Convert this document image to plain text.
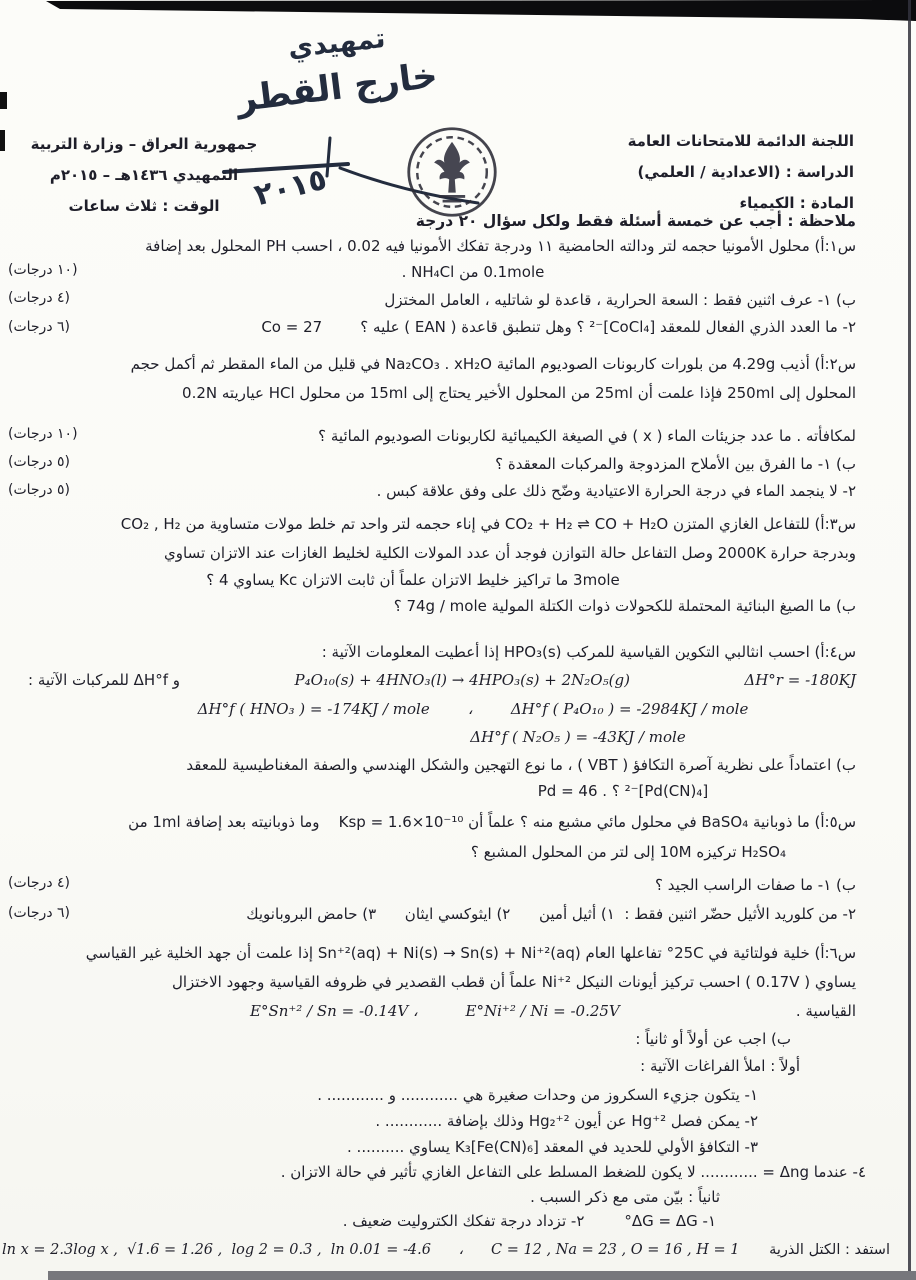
تمهيدي
خارج القطر
٢٠١٥
اللجنة الدائمة للامتحانات العامة
الدراسة : (الاعدادية / العلمي)
المادة : الكيمياء
جمهورية العراق – وزارة التربية
التمهيدي ١٤٣٦هـ – ٢٠١٥م
الوقت : ثلاث ساعات
ملاحظة : أجب عن خمسة أسئلة فقط ولكل سؤال ٢٠ درجة
س١:أ) محلول الأمونيا حجمه لتر ودالته الحامضية ١١ ودرجة تفكك الأمونيا فيه 0.02 ، احسب PH المحلول بعد إضافة
0.1mole من NH₄Cl .
ب) ١- عرف اثنين فقط : السعة الحرارية ، قاعدة لو شاتليه ، العامل المختزل
٢- ما العدد الذري الفعال للمعقد [CoCl₄]⁻² ؟ وهل تنطبق قاعدة ( EAN ) عليه ؟        Co = 27
(١٠ درجات)
(٤ درجات)
(٦ درجات)
س٢:أ) أذيب 4.29g من بلورات كاربونات الصوديوم المائية Na₂CO₃ . xH₂O في قليل من الماء المقطر ثم أكمل حجم
المحلول إلى 250ml فإذا علمت أن 25ml من المحلول الأخير يحتاج إلى 15ml من محلول HCl عياريته 0.2N
لمكافأته . ما عدد جزيئات الماء ( x ) في الصيغة الكيميائية لكاربونات الصوديوم المائية ؟
ب) ١- ما الفرق بين الأملاح المزدوجة والمركبات المعقدة ؟
٢- لا ينجمد الماء في درجة الحرارة الاعتيادية وضّح ذلك على وفق علاقة كبس .
(١٠ درجات)
(٥ درجات)
(٥ درجات)
س٣:أ) للتفاعل الغازي المتزن CO₂ + H₂ ⇌ CO + H₂O في إناء حجمه لتر واحد تم خلط مولات متساوية من CO₂ , H₂
وبدرجة حرارة 2000K وصل التفاعل حالة التوازن فوجد أن عدد المولات الكلية لخليط الغازات عند الاتزان تساوي
3mole ما تراكيز خليط الاتزان علماً أن ثابت الاتزان Kc يساوي 4 ؟
ب) ما الصيغ البنائية المحتملة للكحولات ذوات الكتلة المولية 74g / mole ؟
س٤:أ) احسب انثالبي التكوين القياسية للمركب HPO₃(s) إذا أعطيت المعلومات الآتية :
و ΔH°f للمركبات الآتية :	P₄O₁₀(s) + 4HNO₃(l) → 4HPO₃(s) + 2N₂O₅(g)	ΔH°r = -180KJ
ΔH°f ( HNO₃ ) = -174KJ / mole        ،        ΔH°f ( P₄O₁₀ ) = -2984KJ / mole
ΔH°f ( N₂O₅ ) = -43KJ / mole
ب) اعتماداً على نظرية آصرة التكافؤ ( VBT ) ، ما نوع التهجين والشكل الهندسي والصفة المغناطيسية للمعقد
[Pd(CN)₄]⁻² ؟ . Pd = 46
س٥:أ) ما ذوبانية BaSO₄ في محلول مائي مشبع منه ؟ علماً أن Ksp = 1.6×10⁻¹⁰    وما ذوبانيته بعد إضافة 1ml من
H₂SO₄ تركيزه 10M إلى لتر من المحلول المشبع ؟
ب) ١- ما صفات الراسب الجيد ؟
٢- من كلوريد الأثيل حضّر اثنين فقط :  ١) أثيل أمين      ٢) ايثوكسي ايثان      ٣) حامض البروبانويك
(٤ درجات)
(٦ درجات)
س٦:أ) خلية فولتائية في 25C° تفاعلها العام Sn⁺²(aq) + Ni(s) → Sn(s) + Ni⁺²(aq) إذا علمت أن جهد الخلية غير القياسي
يساوي ( 0.17V ) احسب تركيز أيونات النيكل Ni⁺² علماً أن قطب القصدير في ظروفه القياسية وجهود الاختزال
E°Sn⁺² / Sn = -0.14V ،          E°Ni⁺² / Ni = -0.25V	القياسية .
ب) اجب عن أولاً أو ثانياً :
أولاً : املأ الفراغات الآتية :
١- يتكون جزيء السكروز من وحدات صغيرة هي ............ و ............ .
٢- يمكن فصل Hg⁺² عن أيون Hg₂⁺² وذلك بإضافة ............ .
٣- التكافؤ الأولي للحديد في المعقد K₃[Fe(CN)₆] يساوي .......... .
٤- عندما Δng = ............ لا يكون للضغط المسلط على التفاعل الغازي تأثير في حالة الاتزان .
ثانياً : بيّن متى مع ذكر السبب .
١- ΔG = ΔG°
٢- تزداد درجة تفكك الكتروليت ضعيف .
ln x = 2.3log x ,  √1.6 = 1.26 ,  log 2 = 0.3 ,  ln 0.01 = -4.6      ،      C = 12 , Na = 23 , O = 16 , H = 1 استفد : الكتل الذرية
